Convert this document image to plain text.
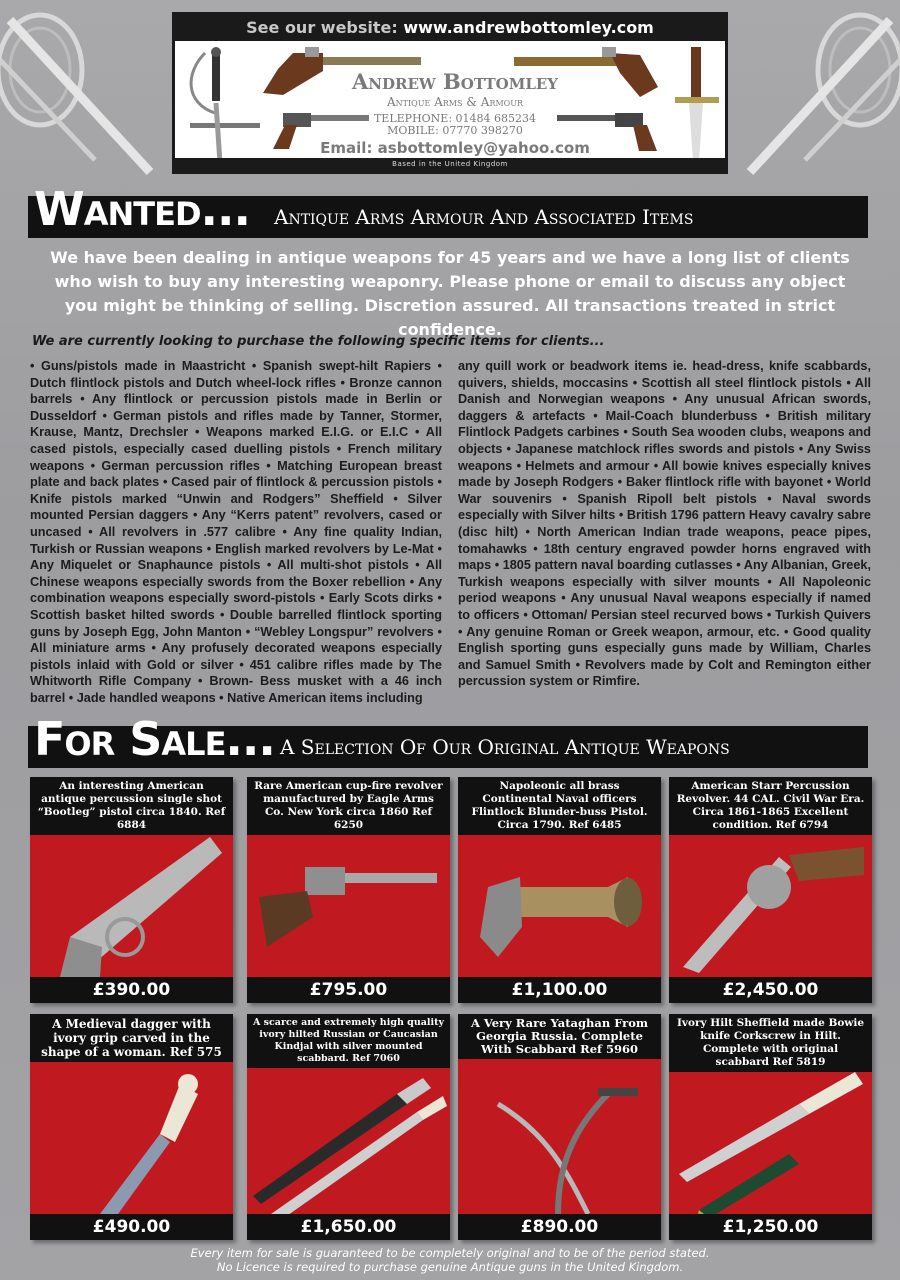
See our website: www.andrewbottomley.com
Andrew Bottomley
Antique Arms & Armour
TELEPHONE: 01484 685234
MOBILE: 07770 398270
Email: asbottomley@yahoo.com
Based in the United Kingdom
Wanted... Antique Arms Armour And Associated Items
We have been dealing in antique weapons for 45 years and we have a long list of clients who wish to buy any interesting weaponry. Please phone or email to discuss any object you might be thinking of selling. Discretion assured. All transactions treated in strict confidence.
We are currently looking to purchase the following specific items for clients...
• Guns/pistols made in Maastricht • Spanish swept-hilt Rapiers • Dutch flintlock pistols and Dutch wheel-lock rifles • Bronze cannon barrels • Any flintlock or percussion pistols made in Berlin or Dusseldorf • German pistols and rifles made by Tanner, Stormer, Krause, Mantz, Drechsler • Weapons marked E.I.G. or E.I.C • All cased pistols, especially cased duelling pistols • French military weapons • German percussion rifles • Matching European breast plate and back plates • Cased pair of flintlock & percussion pistols • Knife pistols marked “Unwin and Rodgers” Sheffield • Silver mounted Persian daggers • Any “Kerrs patent” revolvers, cased or uncased • All revolvers in .577 calibre • Any fine quality Indian, Turkish or Russian weapons • English marked revolvers by Le-Mat • Any Miquelet or Snaphaunce pistols • All multi-shot pistols • All Chinese weapons especially swords from the Boxer rebellion • Any combination weapons especially sword-pistols • Early Scots dirks • Scottish basket hilted swords • Double barrelled flintlock sporting guns by Joseph Egg, John Manton • “Webley Longspur” revolvers • All miniature arms • Any profusely decorated weapons especially pistols inlaid with Gold or silver • 451 calibre rifles made by The Whitworth Rifle Company • Brown- Bess musket with a 46 inch barrel • Jade handled weapons • Native American items including
any quill work or beadwork items ie. head-dress, knife scabbards, quivers, shields, moccasins • Scottish all steel flintlock pistols • All Danish and Norwegian weapons • Any unusual African swords, daggers & artefacts • Mail-Coach blunderbuss • British military Flintlock Padgets carbines • South Sea wooden clubs, weapons and objects • Japanese matchlock rifles swords and pistols • Any Swiss weapons • Helmets and armour • All bowie knives especially knives made by Joseph Rodgers • Baker flintlock rifle with bayonet • World War souvenirs • Spanish Ripoll belt pistols • Naval swords especially with Silver hilts • British 1796 pattern Heavy cavalry sabre (disc hilt) • North American Indian trade weapons, peace pipes, tomahawks • 18th century engraved powder horns engraved with maps • 1805 pattern naval boarding cutlasses • Any Albanian, Greek, Turkish weapons especially with silver mounts • All Napoleonic period weapons • Any unusual Naval weapons especially if named to officers • Ottoman/ Persian steel recurved bows • Turkish Quivers • Any genuine Roman or Greek weapon, armour, etc. • Good quality English sporting guns especially guns made by William, Charles and Samuel Smith • Revolvers made by Colt and Remington either percussion system or Rimfire.
For Sale... A Selection Of Our Original Antique Weapons
An interesting American antique percussion single shot “Bootleg” pistol circa 1840. Ref 6884
£390.00
Rare American cup-fire revolver manufactured by Eagle Arms Co. New York circa 1860 Ref 6250
£795.00
Napoleonic all brass Continental Naval officers Flintlock Blunder-buss Pistol. Circa 1790. Ref 6485
£1,100.00
American Starr Percussion Revolver. 44 CAL. Civil War Era. Circa 1861-1865 Excellent condition. Ref 6794
£2,450.00
A Medieval dagger with ivory grip carved in the shape of a woman. Ref 575
£490.00
A scarce and extremely high quality ivory hilted Russian or Caucasian Kindjal with silver mounted scabbard. Ref 7060
£1,650.00
A Very Rare Yataghan From Georgia Russia. Complete With Scabbard Ref 5960
£890.00
Ivory Hilt Sheffield made Bowie knife Corkscrew in Hilt. Complete with original scabbard Ref 5819
£1,250.00
Every item for sale is guaranteed to be completely original and to be of the period stated.
No Licence is required to purchase genuine Antique guns in the United Kingdom.
